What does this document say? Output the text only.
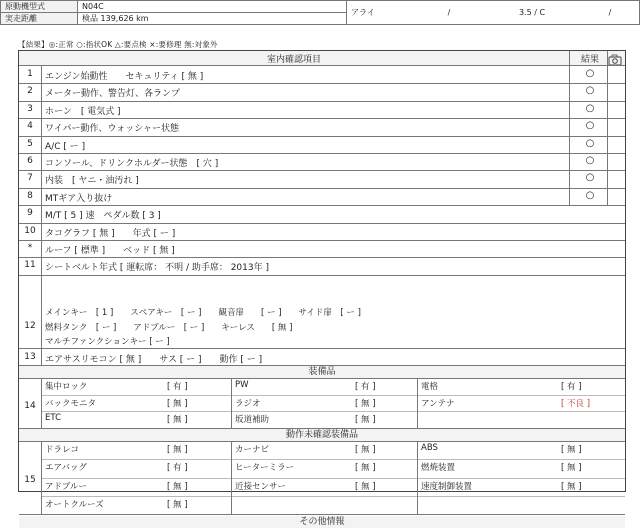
原動機型式	N04C	アライ	/	3.5 / C	/
実走距離	検品 139,626 km				
【結果】◎:正常 ○:指状OK △:要点検 ×:要修理 無:対象外
室内確認項目	結果
1	エンジン始動性　　セキュリティ [ 無 ]	○
2	メーター動作、警告灯、各ランプ	○
3	ホーン　[ 電気式 ]	○
4	ワイパー動作、ウォッシャー状態	○
5	A/C [ ー ]	○
6	コンソール、ドリンクホルダー状態　[ 穴 ]	○
7	内装　[ ヤニ・油汚れ ]	○
8	MTギア入り抜け	○
9	M/T [ 5 ] 速　ペダル数 [ 3 ]
10	タコグラフ [ 無 ]　　年式 [ ー ]
*	ルーフ [ 標準 ]　　ベッド [ 無 ]
11	シートベルト年式 [ 運転席： 不明 / 助手席： 2013年 ]
12
メインキー　[ 1 ]　　スペアキー　[ ー ]　　観音扉　　[ ー ]　　サイド扉　[ ー ]
燃料タンク　[ ー ]　　アドブルー　[ ー ]　　キーレス　　[ 無 ]
マルチファンクションキー [ ー ]
13	エアサスリモコン [ 無 ]　　サス [ ー ]　　動作 [ ー ]
装備品
14
集中ロック	[ 有 ]	PW	[ 有 ]	電格	[ 有 ]
バックモニタ	[ 無 ]	ラジオ	[ 無 ]	アンテナ	[ 不良 ]
ETC	[ 無 ]	坂道補助	[ 無 ]
動作未確認装備品
15
ドラレコ	[ 無 ]	カーナビ	[ 無 ]	ABS	[ 無 ]
エアバッグ	[ 有 ]	ヒーターミラー	[ 無 ]	燃焼装置	[ 無 ]
アドブルー	[ 無 ]	近接センサー	[ 無 ]	速度制御装置	[ 無 ]
オートクルーズ	[ 無 ]
その他情報
